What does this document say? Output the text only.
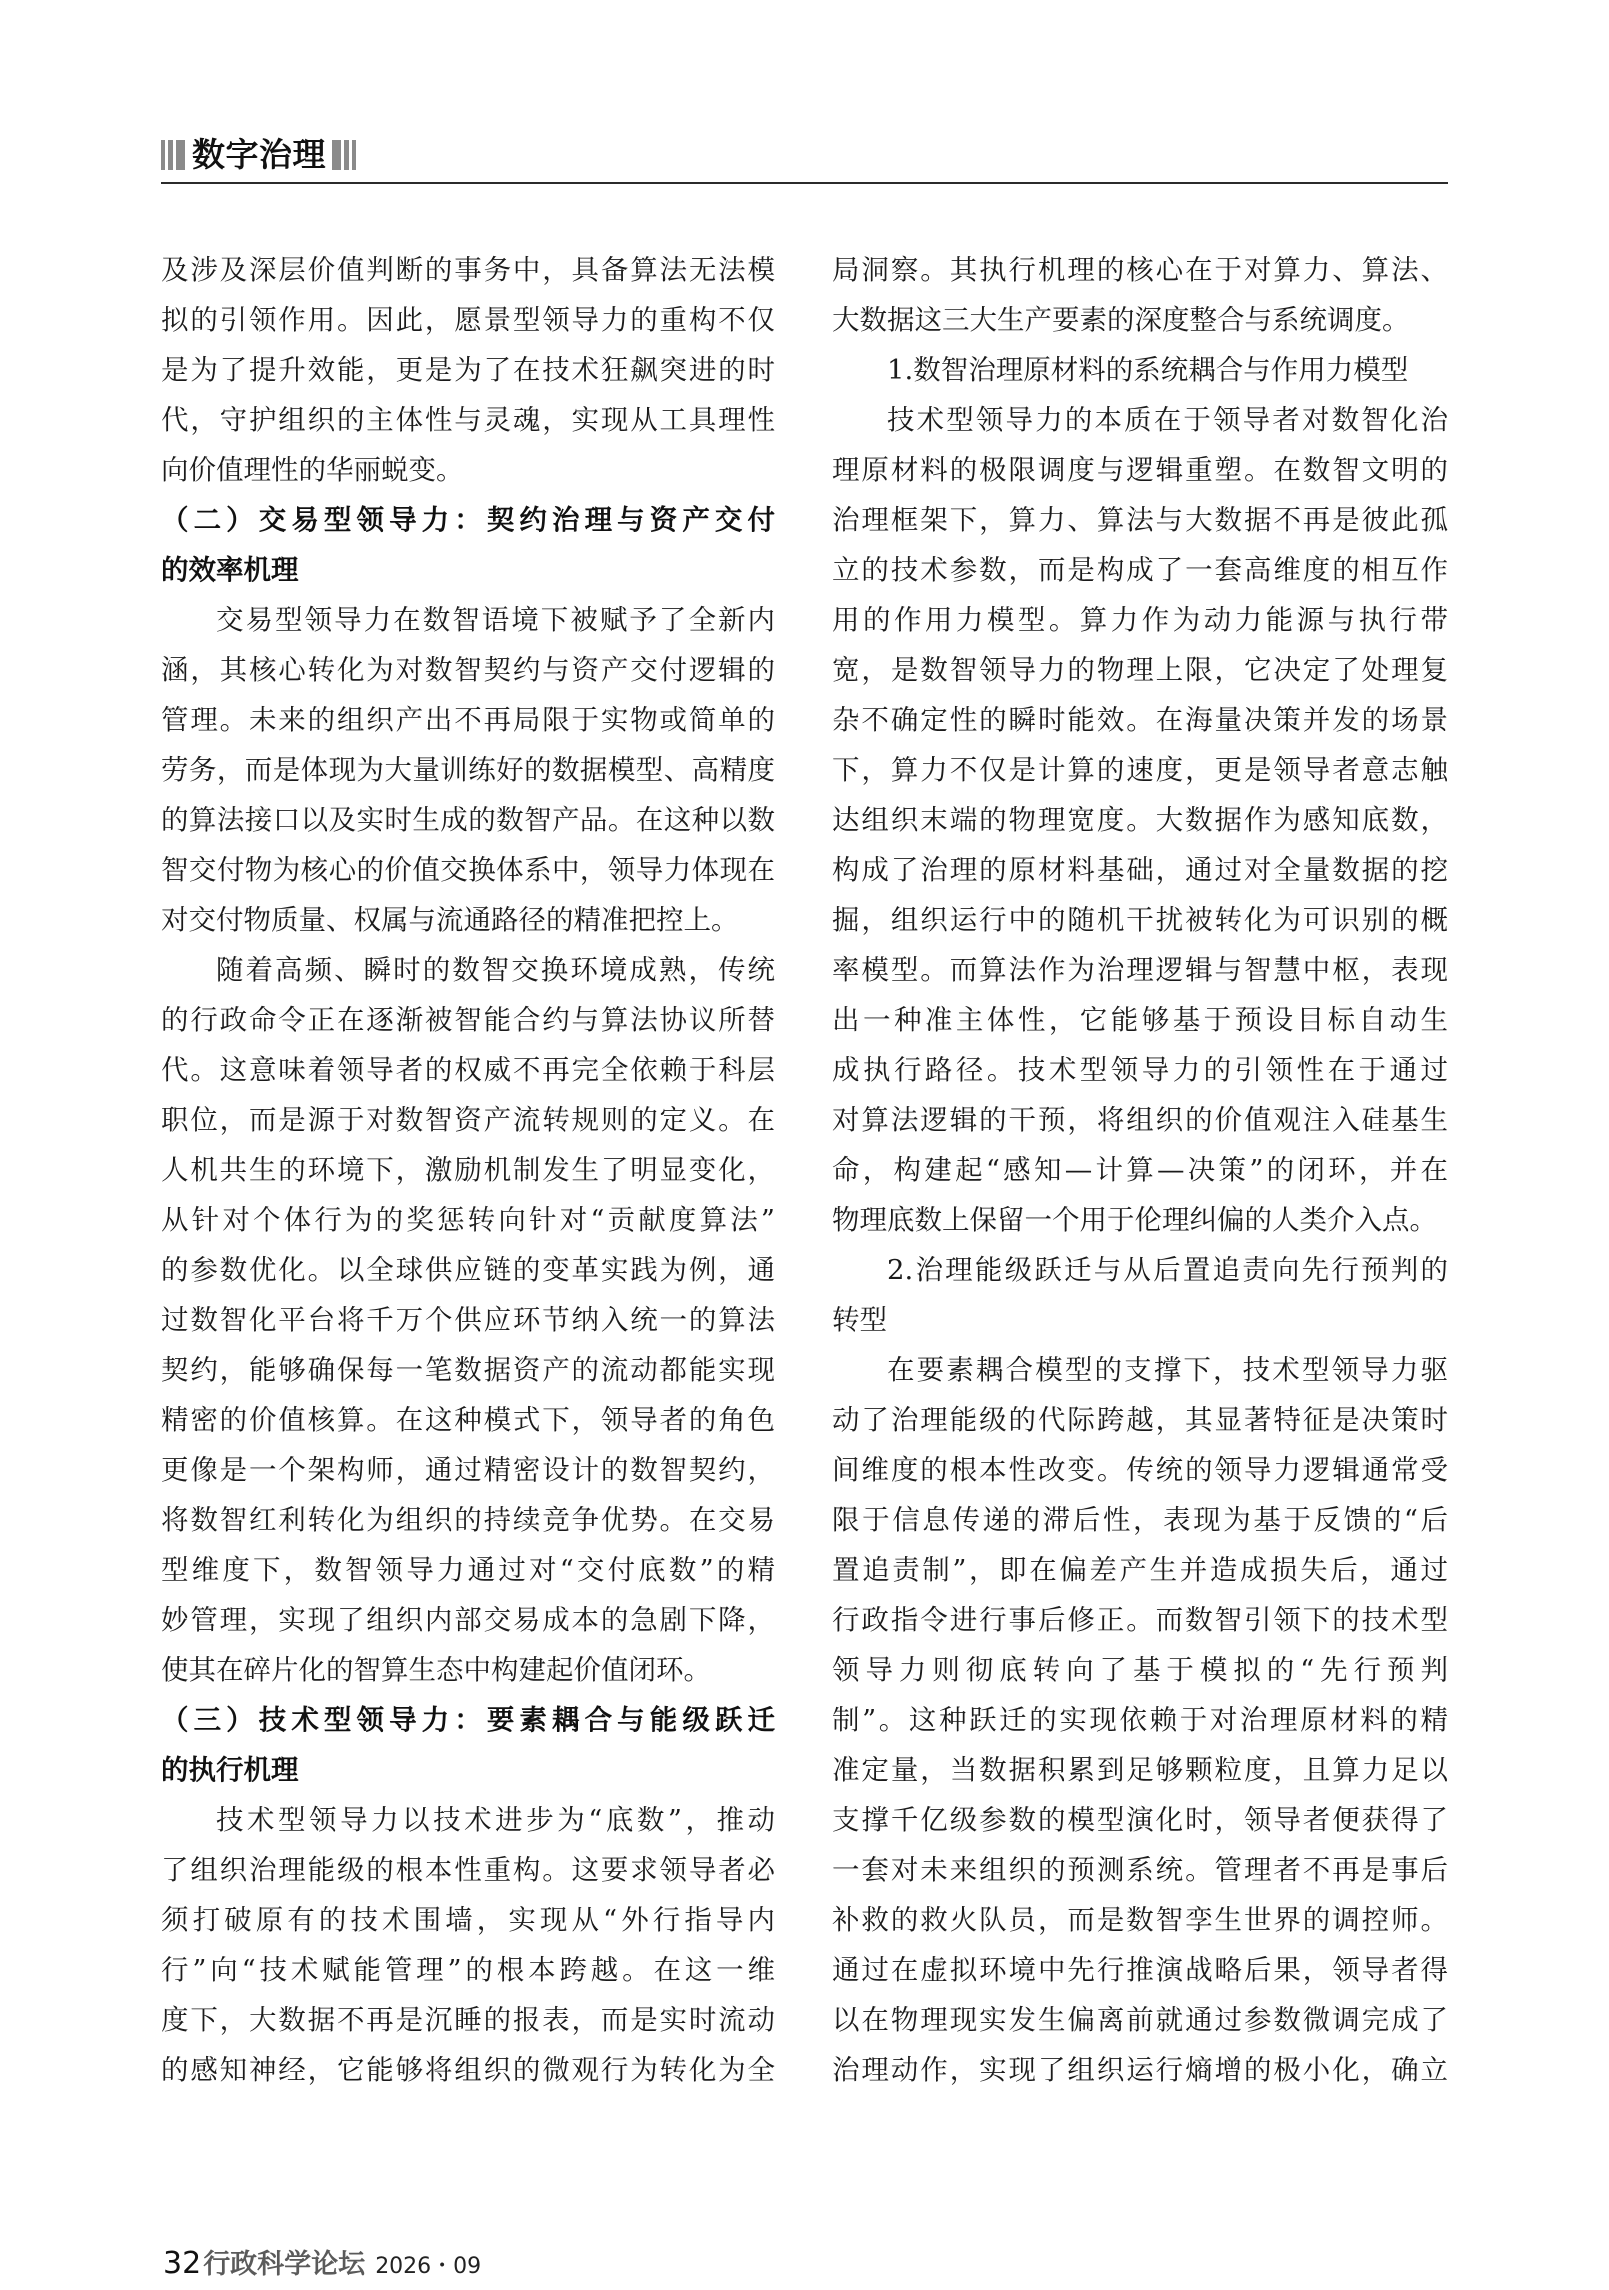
数字治理
及涉及深层价值判断的事务中，具备算法无法模
拟的引领作用。因此，愿景型领导力的重构不仅
是为了提升效能，更是为了在技术狂飙突进的时
代，守护组织的主体性与灵魂，实现从工具理性
向价值理性的华丽蜕变。
（二）交易型领导力：契约治理与资产交付
的效率机理
交易型领导力在数智语境下被赋予了全新内
涵，其核心转化为对数智契约与资产交付逻辑的
管理。未来的组织产出不再局限于实物或简单的
劳务，而是体现为大量训练好的数据模型、高精度
的算法接口以及实时生成的数智产品。在这种以数
智交付物为核心的价值交换体系中，领导力体现在
对交付物质量、权属与流通路径的精准把控上。
随着高频、瞬时的数智交换环境成熟，传统
的行政命令正在逐渐被智能合约与算法协议所替
代。这意味着领导者的权威不再完全依赖于科层
职位，而是源于对数智资产流转规则的定义。在
人机共生的环境下，激励机制发生了明显变化，
从针对个体行为的奖惩转向针对“贡献度算法”
的参数优化。以全球供应链的变革实践为例，通
过数智化平台将千万个供应环节纳入统一的算法
契约，能够确保每一笔数据资产的流动都能实现
精密的价值核算。在这种模式下，领导者的角色
更像是一个架构师，通过精密设计的数智契约，
将数智红利转化为组织的持续竞争优势。在交易
型维度下，数智领导力通过对“交付底数”的精
妙管理，实现了组织内部交易成本的急剧下降，
使其在碎片化的智算生态中构建起价值闭环。
（三）技术型领导力：要素耦合与能级跃迁
的执行机理
技术型领导力以技术进步为“底数”，推动
了组织治理能级的根本性重构。这要求领导者必
须打破原有的技术围墙，实现从“外行指导内
行”向“技术赋能管理”的根本跨越。在这一维
度下，大数据不再是沉睡的报表，而是实时流动
的感知神经，它能够将组织的微观行为转化为全
局洞察。其执行机理的核心在于对算力、算法、
大数据这三大生产要素的深度整合与系统调度。
1.数智治理原材料的系统耦合与作用力模型
技术型领导力的本质在于领导者对数智化治
理原材料的极限调度与逻辑重塑。在数智文明的
治理框架下，算力、算法与大数据不再是彼此孤
立的技术参数，而是构成了一套高维度的相互作
用的作用力模型。算力作为动力能源与执行带
宽，是数智领导力的物理上限，它决定了处理复
杂不确定性的瞬时能效。在海量决策并发的场景
下，算力不仅是计算的速度，更是领导者意志触
达组织末端的物理宽度。大数据作为感知底数，
构成了治理的原材料基础，通过对全量数据的挖
掘，组织运行中的随机干扰被转化为可识别的概
率模型。而算法作为治理逻辑与智慧中枢，表现
出一种准主体性，它能够基于预设目标自动生
成执行路径。技术型领导力的引领性在于通过
对算法逻辑的干预，将组织的价值观注入硅基生
命，构建起“感知—计算—决策”的闭环，并在
物理底数上保留一个用于伦理纠偏的人类介入点。
2.治理能级跃迁与从后置追责向先行预判的
转型
在要素耦合模型的支撑下，技术型领导力驱
动了治理能级的代际跨越，其显著特征是决策时
间维度的根本性改变。传统的领导力逻辑通常受
限于信息传递的滞后性，表现为基于反馈的“后
置追责制”，即在偏差产生并造成损失后，通过
行政指令进行事后修正。而数智引领下的技术型
领导力则彻底转向了基于模拟的“先行预判
制”。这种跃迁的实现依赖于对治理原材料的精
准定量，当数据积累到足够颗粒度，且算力足以
支撑千亿级参数的模型演化时，领导者便获得了
一套对未来组织的预测系统。管理者不再是事后
补救的救火队员，而是数智孪生世界的调控师。
通过在虚拟环境中先行推演战略后果，领导者得
以在物理现实发生偏离前就通过参数微调完成了
治理动作，实现了组织运行熵增的极小化，确立
32 行政科学论坛 2026・09
